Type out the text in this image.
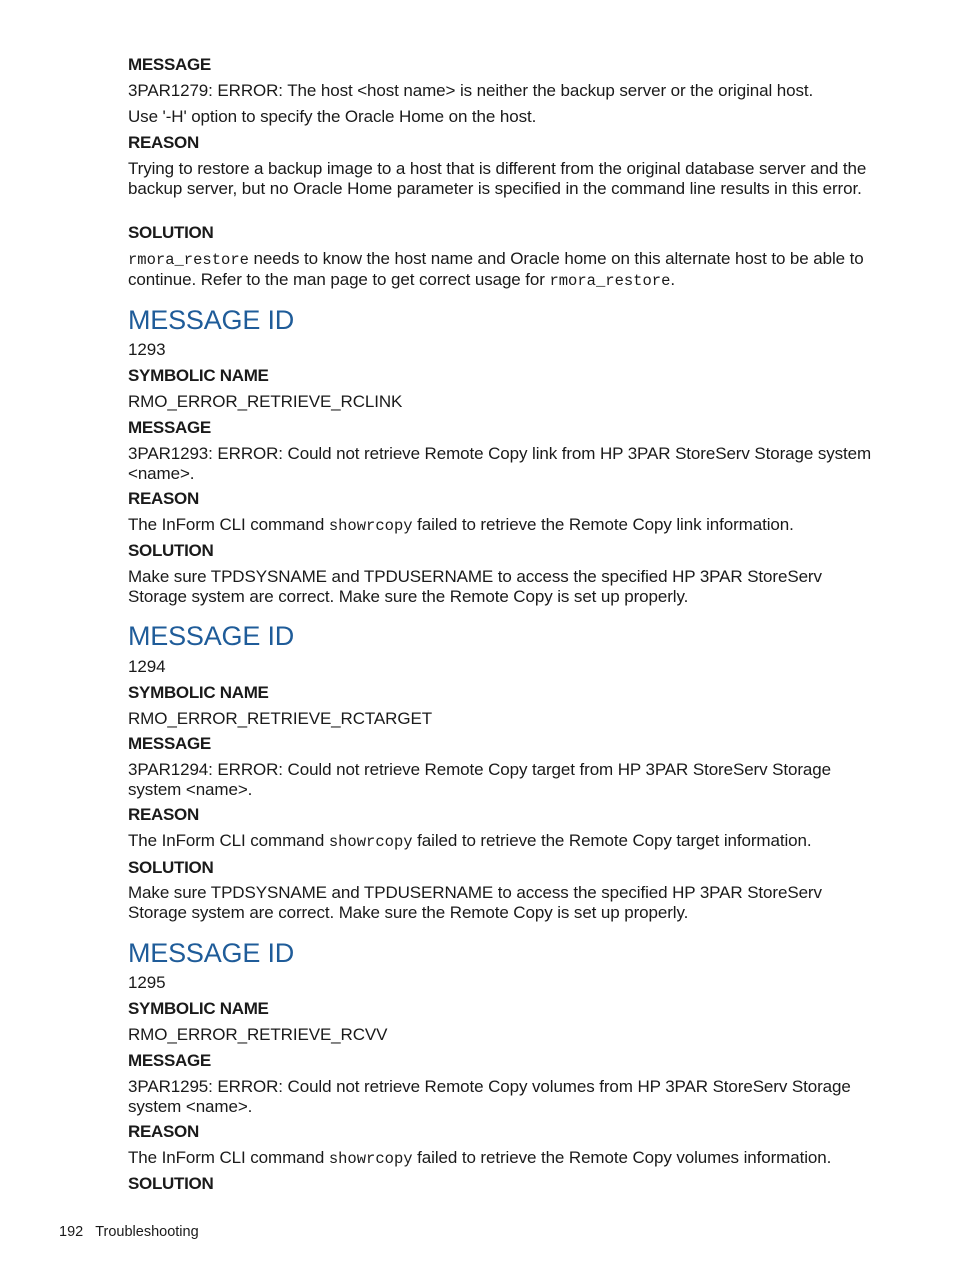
MESSAGE
3PAR1279: ERROR: The host <host name> is neither the backup server or the original host.
Use '-H' option to specify the Oracle Home on the host.
REASON
Trying to restore a backup image to a host that is different from the original database server and the backup server, but no Oracle Home parameter is specified in the command line results in this error.
SOLUTION
rmora_restore needs to know the host name and Oracle home on this alternate host to be able to continue. Refer to the man page to get correct usage for rmora_restore.
MESSAGE ID
1293
SYMBOLIC NAME
RMO_ERROR_RETRIEVE_RCLINK
MESSAGE
3PAR1293: ERROR: Could not retrieve Remote Copy link from HP 3PAR StoreServ Storage system <name>.
REASON
The InForm CLI command showrcopy failed to retrieve the Remote Copy link information.
SOLUTION
Make sure TPDSYSNAME and TPDUSERNAME to access the specified HP 3PAR StoreServ Storage system are correct. Make sure the Remote Copy is set up properly.
MESSAGE ID
1294
SYMBOLIC NAME
RMO_ERROR_RETRIEVE_RCTARGET
MESSAGE
3PAR1294: ERROR: Could not retrieve Remote Copy target from HP 3PAR StoreServ Storage system <name>.
REASON
The InForm CLI command showrcopy failed to retrieve the Remote Copy target information.
SOLUTION
Make sure TPDSYSNAME and TPDUSERNAME to access the specified HP 3PAR StoreServ Storage system are correct. Make sure the Remote Copy is set up properly.
MESSAGE ID
1295
SYMBOLIC NAME
RMO_ERROR_RETRIEVE_RCVV
MESSAGE
3PAR1295: ERROR: Could not retrieve Remote Copy volumes from HP 3PAR StoreServ Storage system <name>.
REASON
The InForm CLI command showrcopy failed to retrieve the Remote Copy volumes information.
SOLUTION
192 Troubleshooting
